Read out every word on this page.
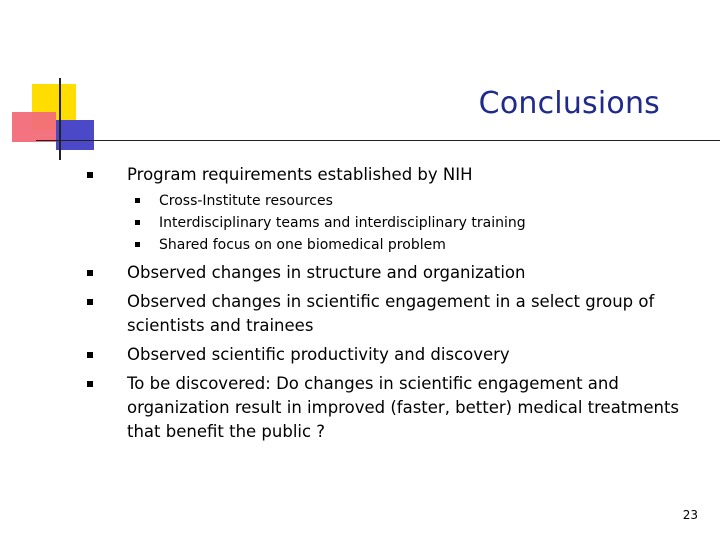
Conclusions

Program requirements established by NIH

Cross-Institute resources

Interdisciplinary teams and interdisciplinary training

Shared focus on one biomedical problem

Observed changes in structure and organization

Observed changes in scientific engagement in a select group of scientists and trainees

Observed scientific productivity and discovery

To be discovered: Do changes in scientific engagement and organization result in improved (faster, better) medical treatments that benefit the public ?

23
